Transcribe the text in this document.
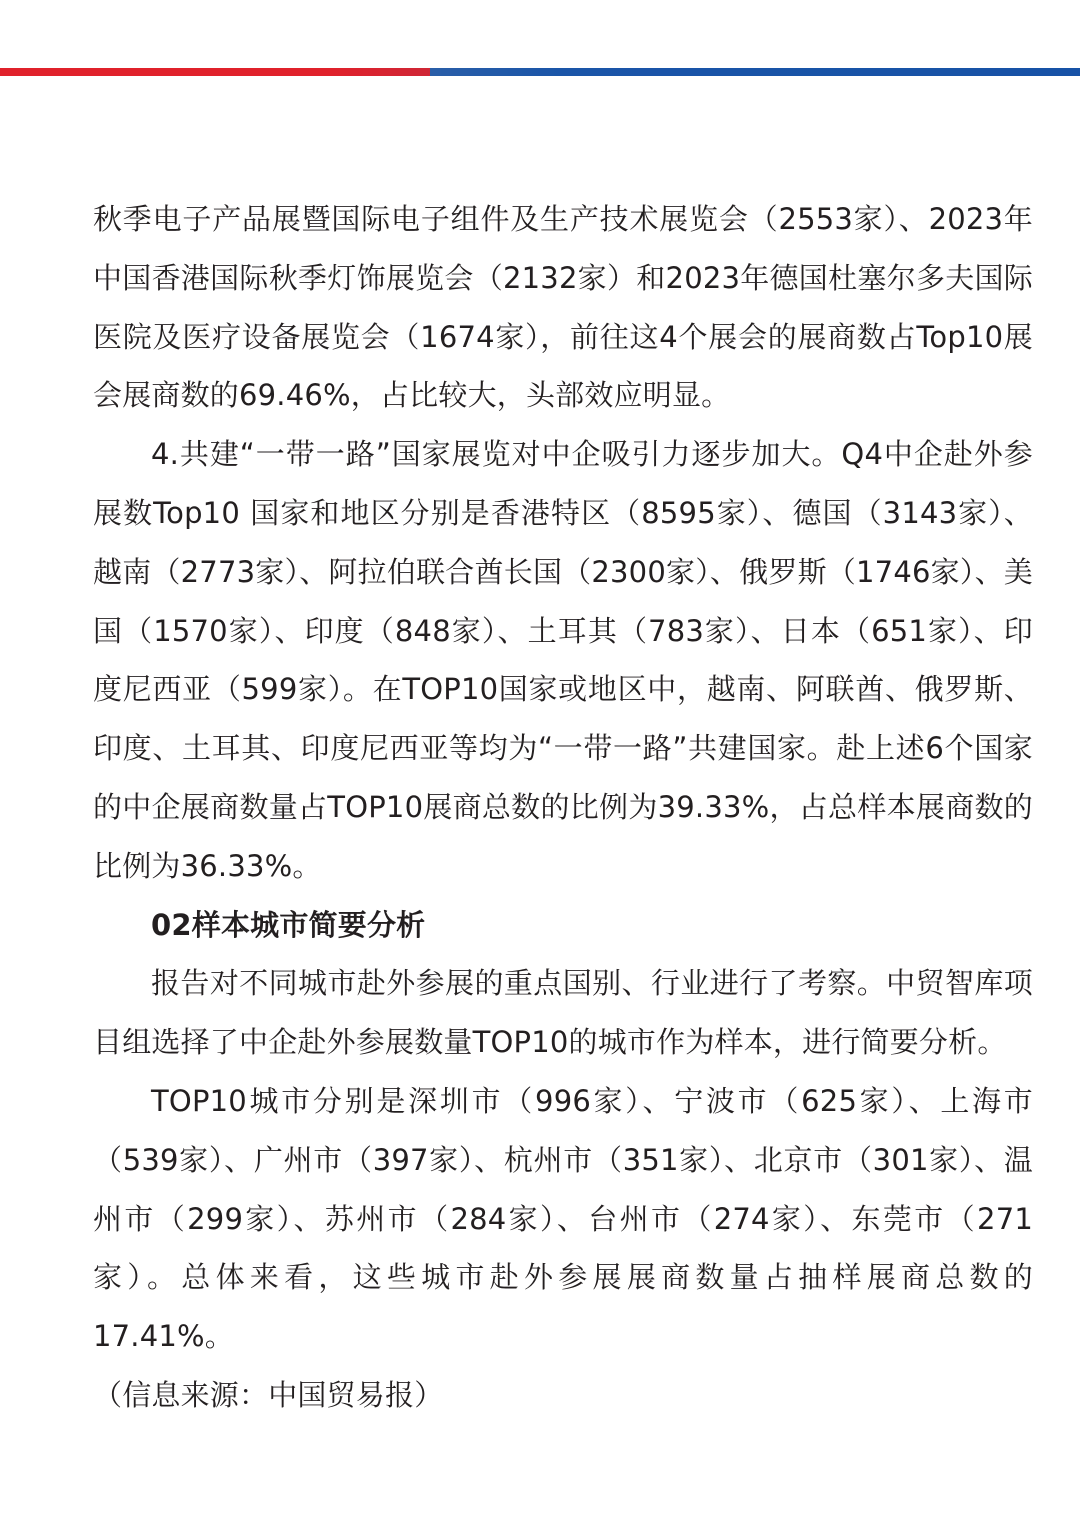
秋季电子产品展暨国际电子组件及生产技术展览会（2553家）、2023年中国香港国际秋季灯饰展览会（2132家）和2023年德国杜塞尔多夫国际医院及医疗设备展览会（1674家），前往这4个展会的展商数占Top10展会展商数的69.46%，占比较大，头部效应明显。

4.共建“一带一路”国家展览对中企吸引力逐步加大。Q4中企赴外参展数Top10 国家和地区分别是香港特区（8595家）、德国（3143家）、越南（2773家）、阿拉伯联合酋长国（2300家）、俄罗斯（1746家）、美国（1570家）、印度（848家）、土耳其（783家）、日本（651家）、印度尼西亚（599家）。在TOP10国家或地区中，越南、阿联酋、俄罗斯、印度、土耳其、印度尼西亚等均为“一带一路”共建国家。赴上述6个国家的中企展商数量占TOP10展商总数的比例为39.33%，占总样本展商数的比例为36.33%。

02样本城市简要分析

报告对不同城市赴外参展的重点国别、行业进行了考察。中贸智库项目组选择了中企赴外参展数量TOP10的城市作为样本，进行简要分析。

TOP10城市分别是深圳市（996家）、宁波市（625家）、上海市（539家）、广州市（397家）、杭州市（351家）、北京市（301家）、温州市（299家）、苏州市（284家）、台州市（274家）、东莞市（271家）。总体来看，这些城市赴外参展展商数量占抽样展商总数的17.41%。

（信息来源：中国贸易报）
